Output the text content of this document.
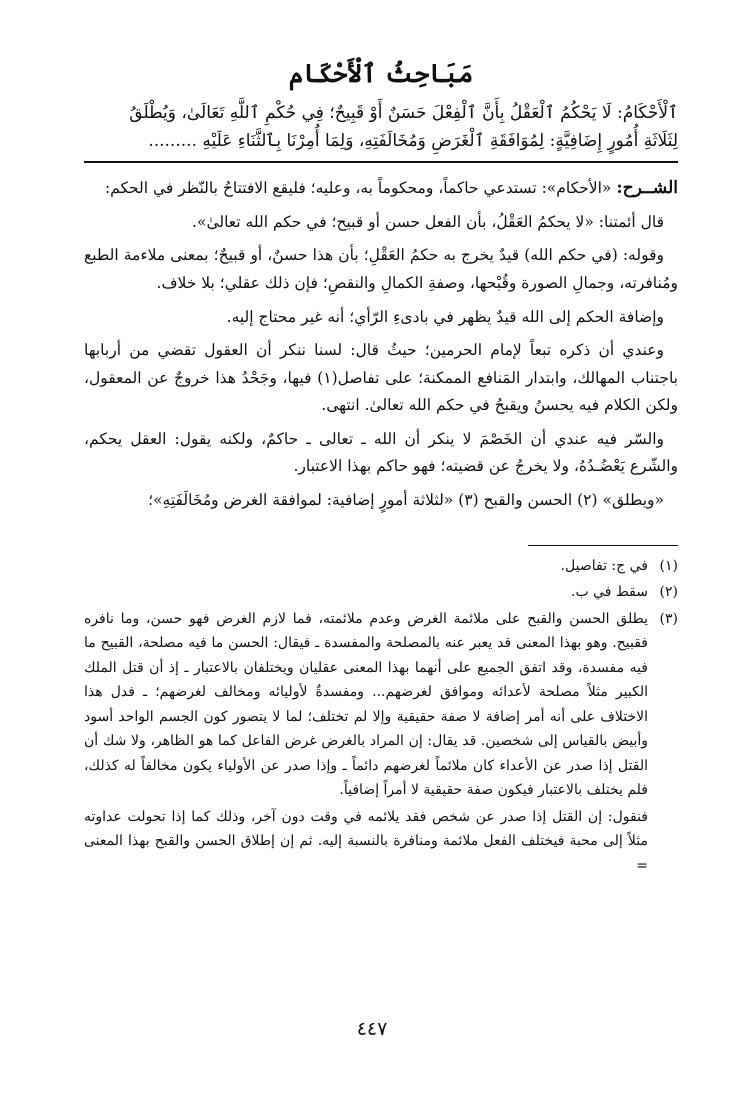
مَبَاحِثُ ٱلْأَحْكَام
ٱلْأَحْكَامُ: لَا يَحْكُمُ ٱلْعَقْلُ بِأَنَّ ٱلْفِعْلَ حَسَنٌ أَوْ قَبِيحٌ؛ فِي حُكْمِ ٱللَّهِ تَعَالَىٰ، وَيُطْلَقُ
لِثَلَاثَةِ أُمُورٍ إِضَافِيَّةٍ: لِمُوَافَقَةِ ٱلْغَرَضِ وَمُخَالَفَتِهِ، وَلِمَا أُمِرْنَا بِٱلثَّنَاءِ عَلَيْهِ .........

الشــرح: «الأحكام»: تستدعي حاكماً، ومحكوماً به، وعليه؛ فليقع الافتتاحُ بالنّظر في الحكم:

قال أئمتنا: «لا يحكمُ العَقْلُ، بأن الفعل حسن أو قبيح؛ في حكم الله تعالىٰ».

وقوله: (في حكم الله) قيدٌ يخرج به حكمُ العَقْلِ؛ بأن هذا حسنٌ، أو قبيحٌ؛ بمعنى ملاءمة الطبع ومُنافرته، وجمالِ الصورة وقُبْحها، وصفةِ الكمالِ والنقصِ؛ فإن ذلك عقلي؛ بلا خلاف.

وإضافة الحكم إلى الله قيدٌ يظهر في بادىءِ الرّأي؛ أنه غير محتاج إليه.

وعندي أن ذكره تبعاً لإمام الحرمين؛ حيثُ قال: لسنا ننكر أن العقول تقضي من أربابها باجتناب المهالك، وابتدار المَنافع الممكنة؛ على تفاصل(١) فيها، وجَحْدُ هذا خروجٌ عن المعقول، ولكن الكلام فيه يحسنُ ويقبحُ في حكم الله تعالىٰ. انتهى.

والسّر فيه عندي أن الخَصْمَ لا ينكر أن الله ـ تعالى ـ حاكمٌ، ولكنه يقول: العقل يحكم، والشّرع يَعْضُـدُهُ، ولا يخرجُ عن قضيته؛ فهو حاكم بهذا الاعتبار.

«ويطلق» (٢) الحسن والقبح (٣) «لثلاثة أمورٍ إضافية: لموافقة الغرض ومُخَالَفَتِهِ»؛

(١)
في ج: تفاصيل.
(٢)
سقط في ب.
(٣)
يطلق الحسن والقبح على ملائمة الغرض وعدم ملائمته، فما لازم الغرض فهو حسن، وما نافره فقبيح. وهو بهذا المعنى قد يعبر عنه بالمصلحة والمفسدة ـ فيقال: الحسن ما فيه مصلحة، القبيح ما فيه مفسدة، وقد اتفق الجميع على أنهما بهذا المعنى عقليان ويختلفان بالاعتبار ـ إذ أن قتل الملك الكبير مثلاً مصلحة لأعدائه وموافق لغرضهم... ومفسدةٌ لأوليائه ومخالف لغرضهم؛ ـ فدل هذا الاختلاف على أنه أمر إضافة لا صفة حقيقية وإلا لم تختلف؛ لما لا يتصور كون الجسم الواحد أسود وأبيض بالقياس إلى شخصين. قد يقال: إن المراد بالغرض غرض الفاعل كما هو الظاهر، ولا شك أن القتل إذا صدر عن الأعداء كان ملائماً لغرضهم دائماً ـ وإذا صدر عن الأولياء يكون مخالفاً له كذلك، فلم يختلف بالاعتبار فيكون صفة حقيقية لا أمراً إضافياً.
فنقول: إن القتل إذا صدر عن شخص فقد يلائمه في وقت دون آخر، وذلك كما إذا تحولت عداوته مثلاً إلى محبة فيختلف الفعل ملائمة ومنافرة بالنسبة إليه. ثم إن إطلاق الحسن والقبح بهذا المعنى =
٤٤٧
